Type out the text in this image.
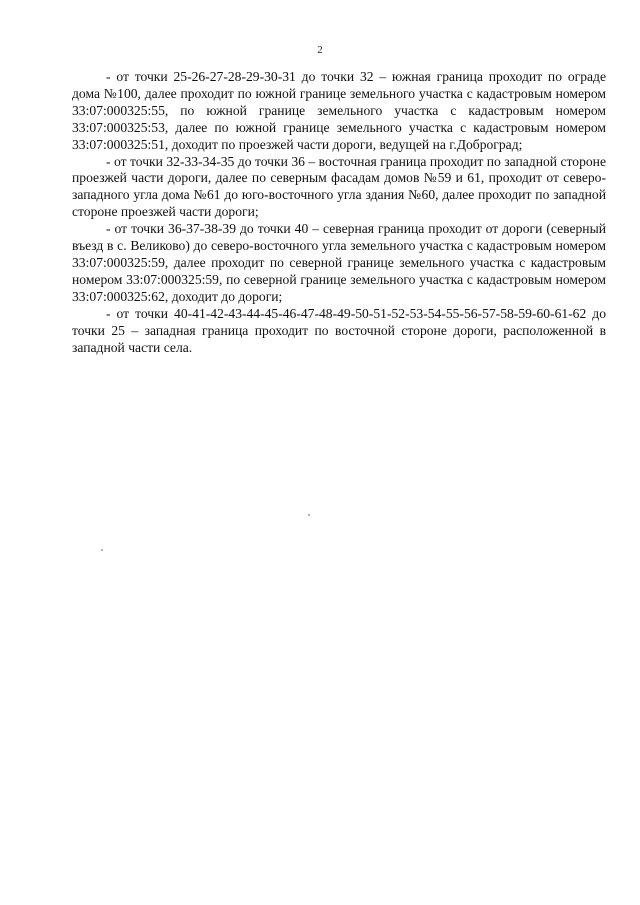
2

- от точки 25-26-27-28-29-30-31 до точки 32 – южная граница проходит по ограде дома №100, далее проходит по южной границе земельного участка с кадастровым номером 33:07:000325:55, по южной границе земельного участка с кадастровым номером 33:07:000325:53, далее по южной границе земельного участка с кадастровым номером 33:07:000325:51, доходит по проезжей части дороги, ведущей на г.Доброград;

- от точки 32-33-34-35 до точки 36 – восточная граница проходит по западной стороне проезжей части дороги, далее по северным фасадам домов №59 и 61, проходит от северо-западного угла дома №61 до юго-восточного угла здания №60, далее проходит по западной стороне проезжей части дороги;

- от точки 36-37-38-39 до точки 40 – северная граница проходит от дороги (северный въезд в с. Великово) до северо-восточного угла земельного участка с кадастровым номером 33:07:000325:59, далее проходит по северной границе земельного участка с кадастровым номером 33:07:000325:59, по северной границе земельного участка с кадастровым номером 33:07:000325:62, доходит до дороги;

- от точки 40-41-42-43-44-45-46-47-48-49-50-51-52-53-54-55-56-57-58-59-60-61-62 до точки 25 – западная граница проходит по восточной стороне дороги, расположенной в западной части села.
